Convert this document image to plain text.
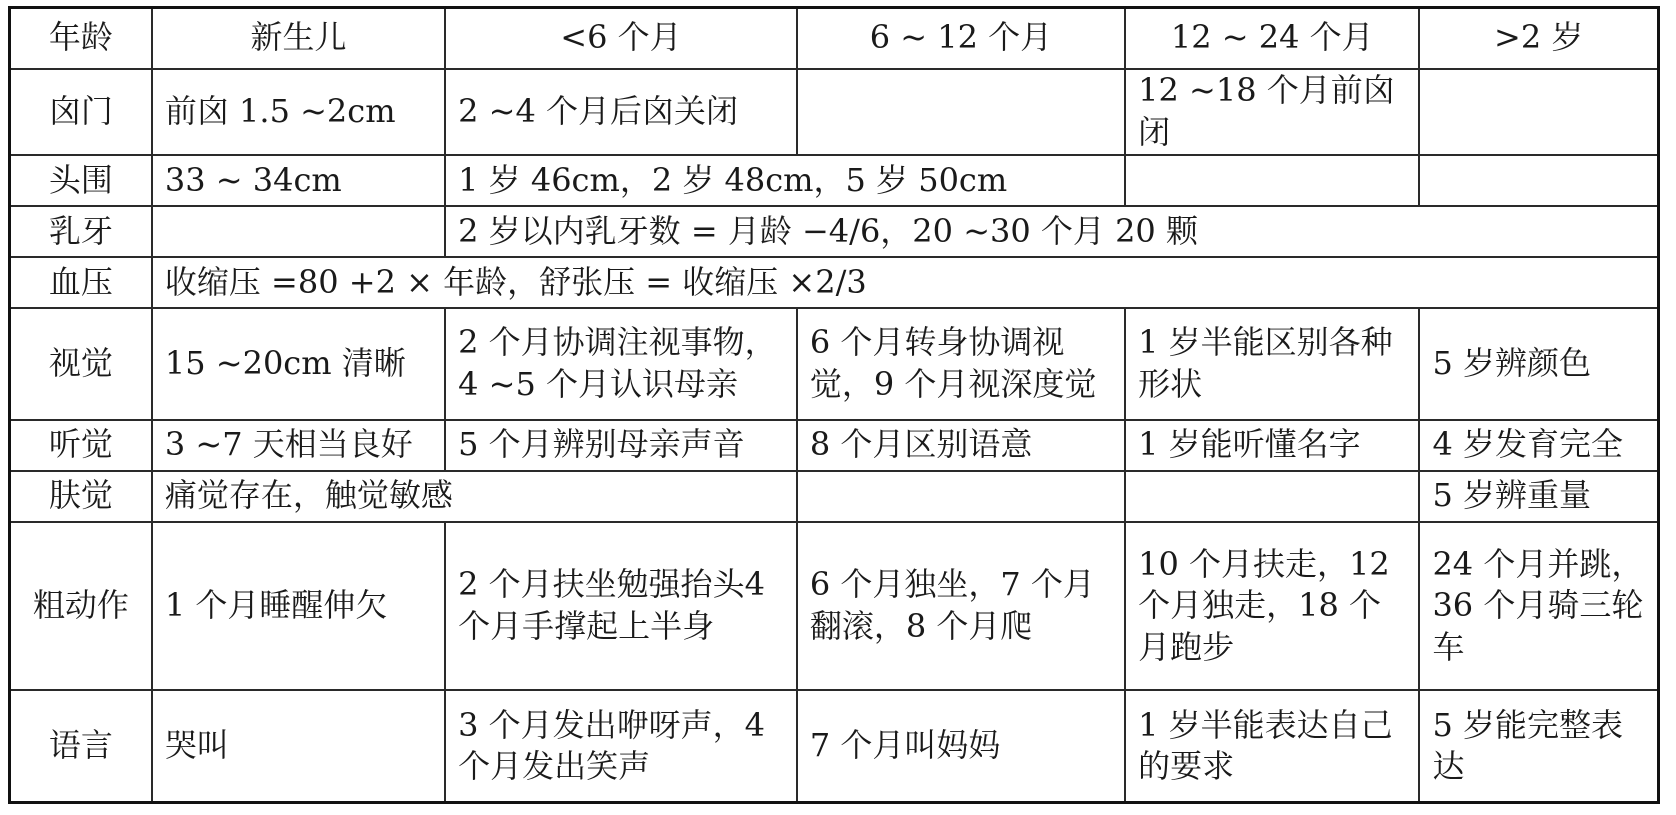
年龄	新生儿	<6 个月	6 ~ 12 个月	12 ~ 24 个月	>2 岁
囟门	前囟 1.5 ~2cm	2 ~4 个月后囟关闭		12 ~18 个月前囟闭	
头围	33 ~ 34cm	1 岁 46cm，2 岁 48cm，5 岁 50cm			
乳牙		2 岁以内乳牙数 = 月龄 −4/6，20 ~30 个月 20 颗			
血压	收缩压 =80 +2 × 年龄，舒张压 = 收缩压 ×2/3				
视觉	15 ~20cm 清晰	2 个月协调注视事物，4 ~5 个月认识母亲	6 个月转身协调视觉，9 个月视深度觉	1 岁半能区别各种形状	5 岁辨颜色
听觉	3 ~7 天相当良好	5 个月辨别母亲声音	8 个月区别语意	1 岁能听懂名字	4 岁发育完全
肤觉	痛觉存在，触觉敏感				5 岁辨重量
粗动作	1 个月睡醒伸欠	2 个月扶坐勉强抬头4 个月手撑起上半身	6 个月独坐，7 个月翻滚，8 个月爬	10 个月扶走，12 个月独走，18 个月跑步	24 个月并跳，36 个月骑三轮车
语言	哭叫	3 个月发出咿呀声，4 个月发出笑声	7 个月叫妈妈	1 岁半能表达自己的要求	5 岁能完整表达
